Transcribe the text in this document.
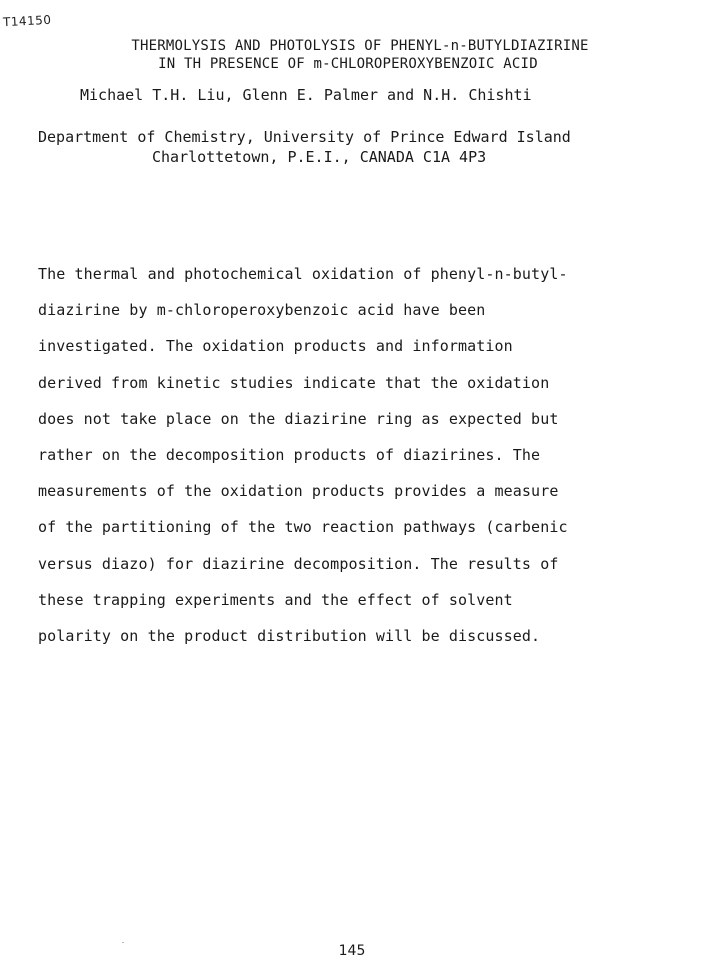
T14150
THERMOLYSIS AND PHOTOLYSIS OF PHENYL-n-BUTYLDIAZIRINE
IN TH PRESENCE OF m-CHLOROPEROXYBENZOIC ACID
Michael T.H. Liu, Glenn E. Palmer and N.H. Chishti
Department of Chemistry, University of Prince Edward Island
Charlottetown, P.E.I., CANADA C1A 4P3
The thermal and photochemical oxidation of phenyl-n-butyl-
diazirine by m-chloroperoxybenzoic acid have been
investigated. The oxidation products and information
derived from kinetic studies indicate that the oxidation
does not take place on the diazirine ring as expected but
rather on the decomposition products of diazirines. The
measurements of the oxidation products provides a measure
of the partitioning of the two reaction pathways (carbenic
versus diazo) for diazirine decomposition. The results of
these trapping experiments and the effect of solvent
polarity on the product distribution will be discussed.
145
